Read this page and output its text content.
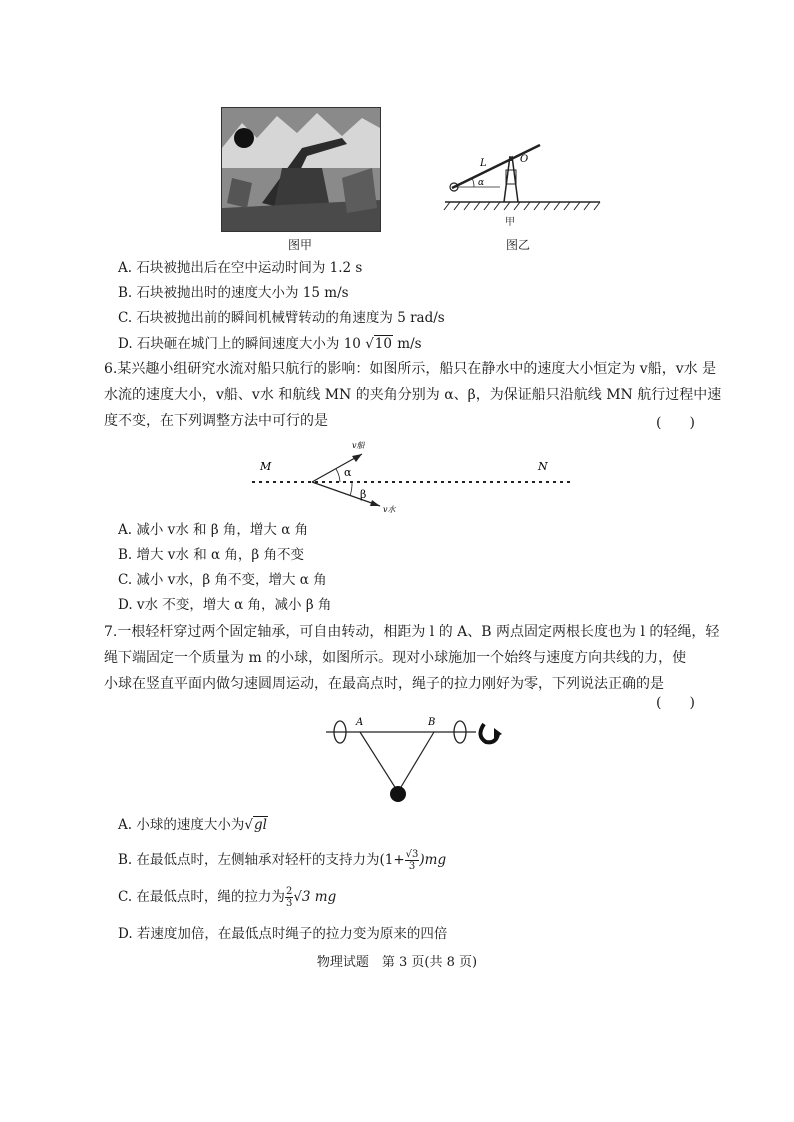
图甲
α
L	O
甲
图乙
A. 石块被抛出后在空中运动时间为 1.2 s
B. 石块被抛出时的速度大小为 15 m/s
C. 石块被抛出前的瞬间机械臂转动的角速度为 5 rad/s
D. 石块砸在城门上的瞬间速度大小为 10 √10 m/s
6.某兴趣小组研究水流对船只航行的影响：如图所示，船只在静水中的速度大小恒定为 v船，v水 是
水流的速度大小，v船、v水 和航线 MN 的夹角分别为 α、β，为保证船只沿航线 MN 航行过程中速
度不变，在下列调整方法中可行的是	(　　)
M	N
α
β
v船
v水
A. 减小 v水 和 β 角，增大 α 角
B. 增大 v水 和 α 角，β 角不变
C. 减小 v水，β 角不变，增大 α 角
D. v水 不变，增大 α 角，减小 β 角
7.一根轻杆穿过两个固定轴承，可自由转动，相距为 l 的 A、B 两点固定两根长度也为 l 的轻绳，轻
绳下端固定一个质量为 m 的小球，如图所示。现对小球施加一个始终与速度方向共线的力，使
小球在竖直平面内做匀速圆周运动，在最高点时，绳子的拉力刚好为零，下列说法正确的是
(　　)
A	B
A. 小球的速度大小为√gl
B. 在最低点时，左侧轴承对轻杆的支持力为$(1+ \frac{√3}{3} )mg$
C. 在最低点时，绳的拉力为 $\frac{2}{3} √3$ mg
D. 若速度加倍，在最低点时绳子的拉力变为原来的四倍
物理试题　第 3 页(共 8 页)
